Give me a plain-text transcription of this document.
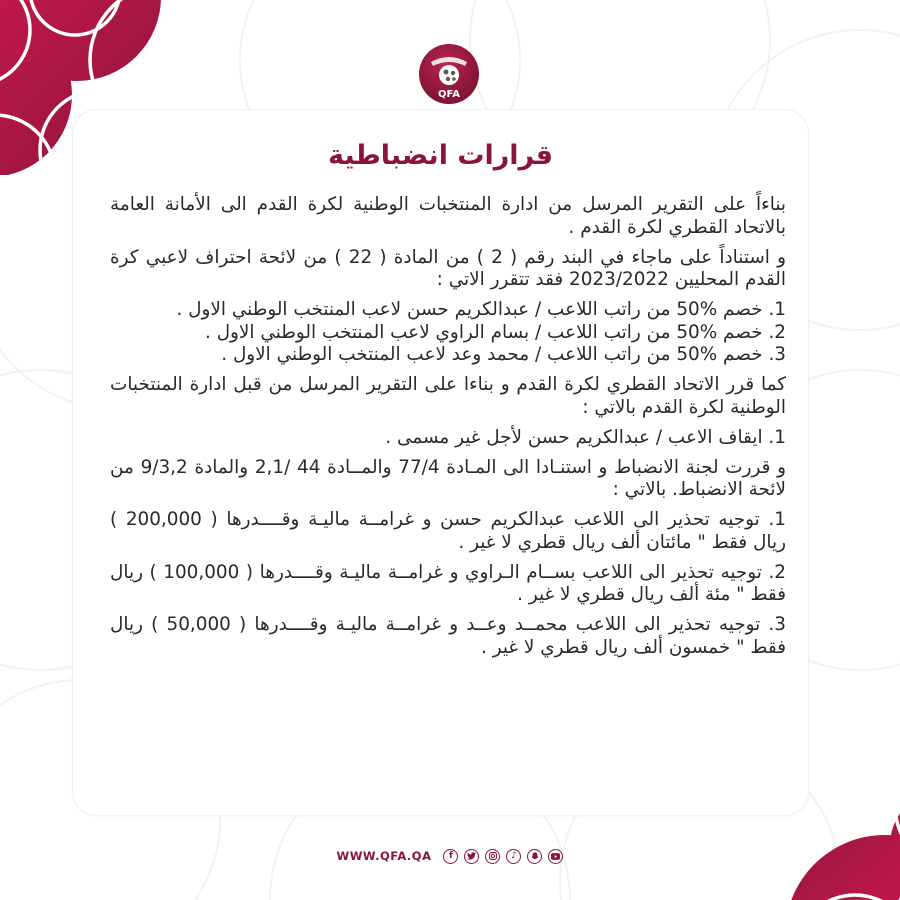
QFA
قرارات انضباطية

بناءاً على التقرير المرسل من ادارة المنتخبات الوطنية لكرة القدم الى الأمانة العامة بالاتحاد القطري لكرة القدم .

و استناداً على ماجاء في البند رقم ( 2 ) من المادة ( 22 ) من لائحة احتراف لاعبي كرة القدم المحليين 2023/2022 فقد تتقرر الاتي :

1. خصم %50 من راتب اللاعب / عبدالكريم حسن لاعب المنتخب الوطني الاول .

2. خصم %50 من راتب اللاعب / بسام الراوي لاعب المنتخب الوطني الاول .

3. خصم %50 من راتب اللاعب / محمد وعد لاعب المنتخب الوطني الاول .

كما قرر الاتحاد القطري لكرة القدم و بناءا على التقرير المرسل من قبل ادارة المنتخبات الوطنية لكرة القدم بالاتي :

1. ايقاف الاعب / عبدالكريم حسن لأجل غير مسمى .

و قررت لجنة الانضباط و استنـادا الى المـادة 77/4 والمــادة 44 /2,1 والمادة 9/3,2 من لائحة الانضباط. بالاتي :

1. توجيه تحذير الى اللاعب عبدالكريم حسن و غرامــة ماليـة وقــــدرها ( 200,000 ) ريال فقط " مائتان ألف ريال قطري لا غير .

2. توجيه تحذير الى اللاعب بســام الـراوي و غرامــة ماليـة وقــــدرها ( 100,000 ) ريال فقط " مئة ألف ريال قطري لا غير .

3. توجيه تحذير الى اللاعب محمــد وعــد و غرامــة ماليـة وقــــدرها ( 50,000 ) ريال فقط " خمسون ألف ريال قطري لا غير .

WWW.QFA.QA	f	♪
